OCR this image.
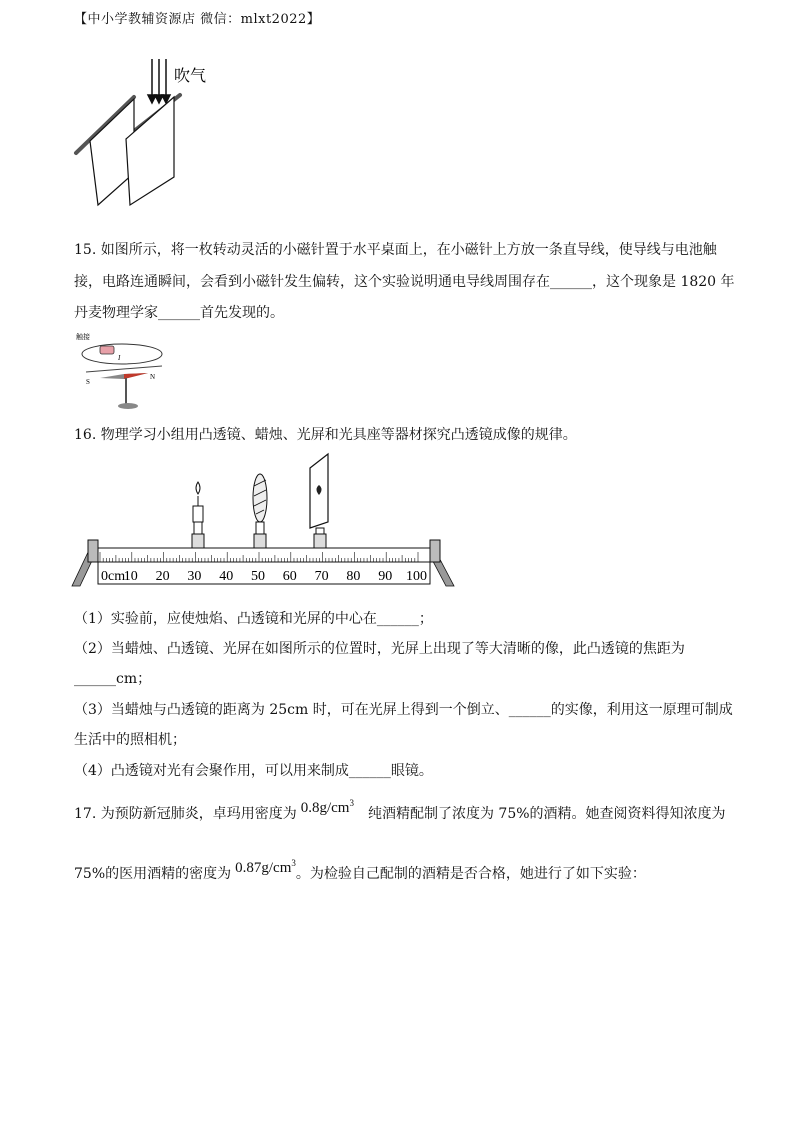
【中小学教辅资源店 微信：mlxt2022】
吹气
15. 如图所示，将一枚转动灵活的小磁针置于水平桌面上，在小磁针上方放一条直导线，使导线与电池触
接，电路连通瞬间，会看到小磁针发生偏转，这个实验说明通电导线周围存在______，这个现象是 1820 年
丹麦物理学家______首先发现的。
触接
I
S
N
16. 物理学习小组用凸透镜、蜡烛、光屏和光具座等器材探究凸透镜成像的规律。
0cm
10 20 30 40 50 60 70 80 90 100
（1）实验前，应使烛焰、凸透镜和光屏的中心在______；
（2）当蜡烛、凸透镜、光屏在如图所示的位置时，光屏上出现了等大清晰的像，此凸透镜的焦距为
______cm；
（3）当蜡烛与凸透镜的距离为 25cm 时，可在光屏上得到一个倒立、______的实像，利用这一原理可制成
生活中的照相机；
（4）凸透镜对光有会聚作用，可以用来制成______眼镜。
17. 为预防新冠肺炎，卓玛用密度为 $0.8g/cm^3$纯酒精配制了浓度为 75%的酒精。她查阅资料得知浓度为
75%的医用酒精的密度为 $0.87g/cm^3$。为检验自己配制的酒精是否合格，她进行了如下实验：
